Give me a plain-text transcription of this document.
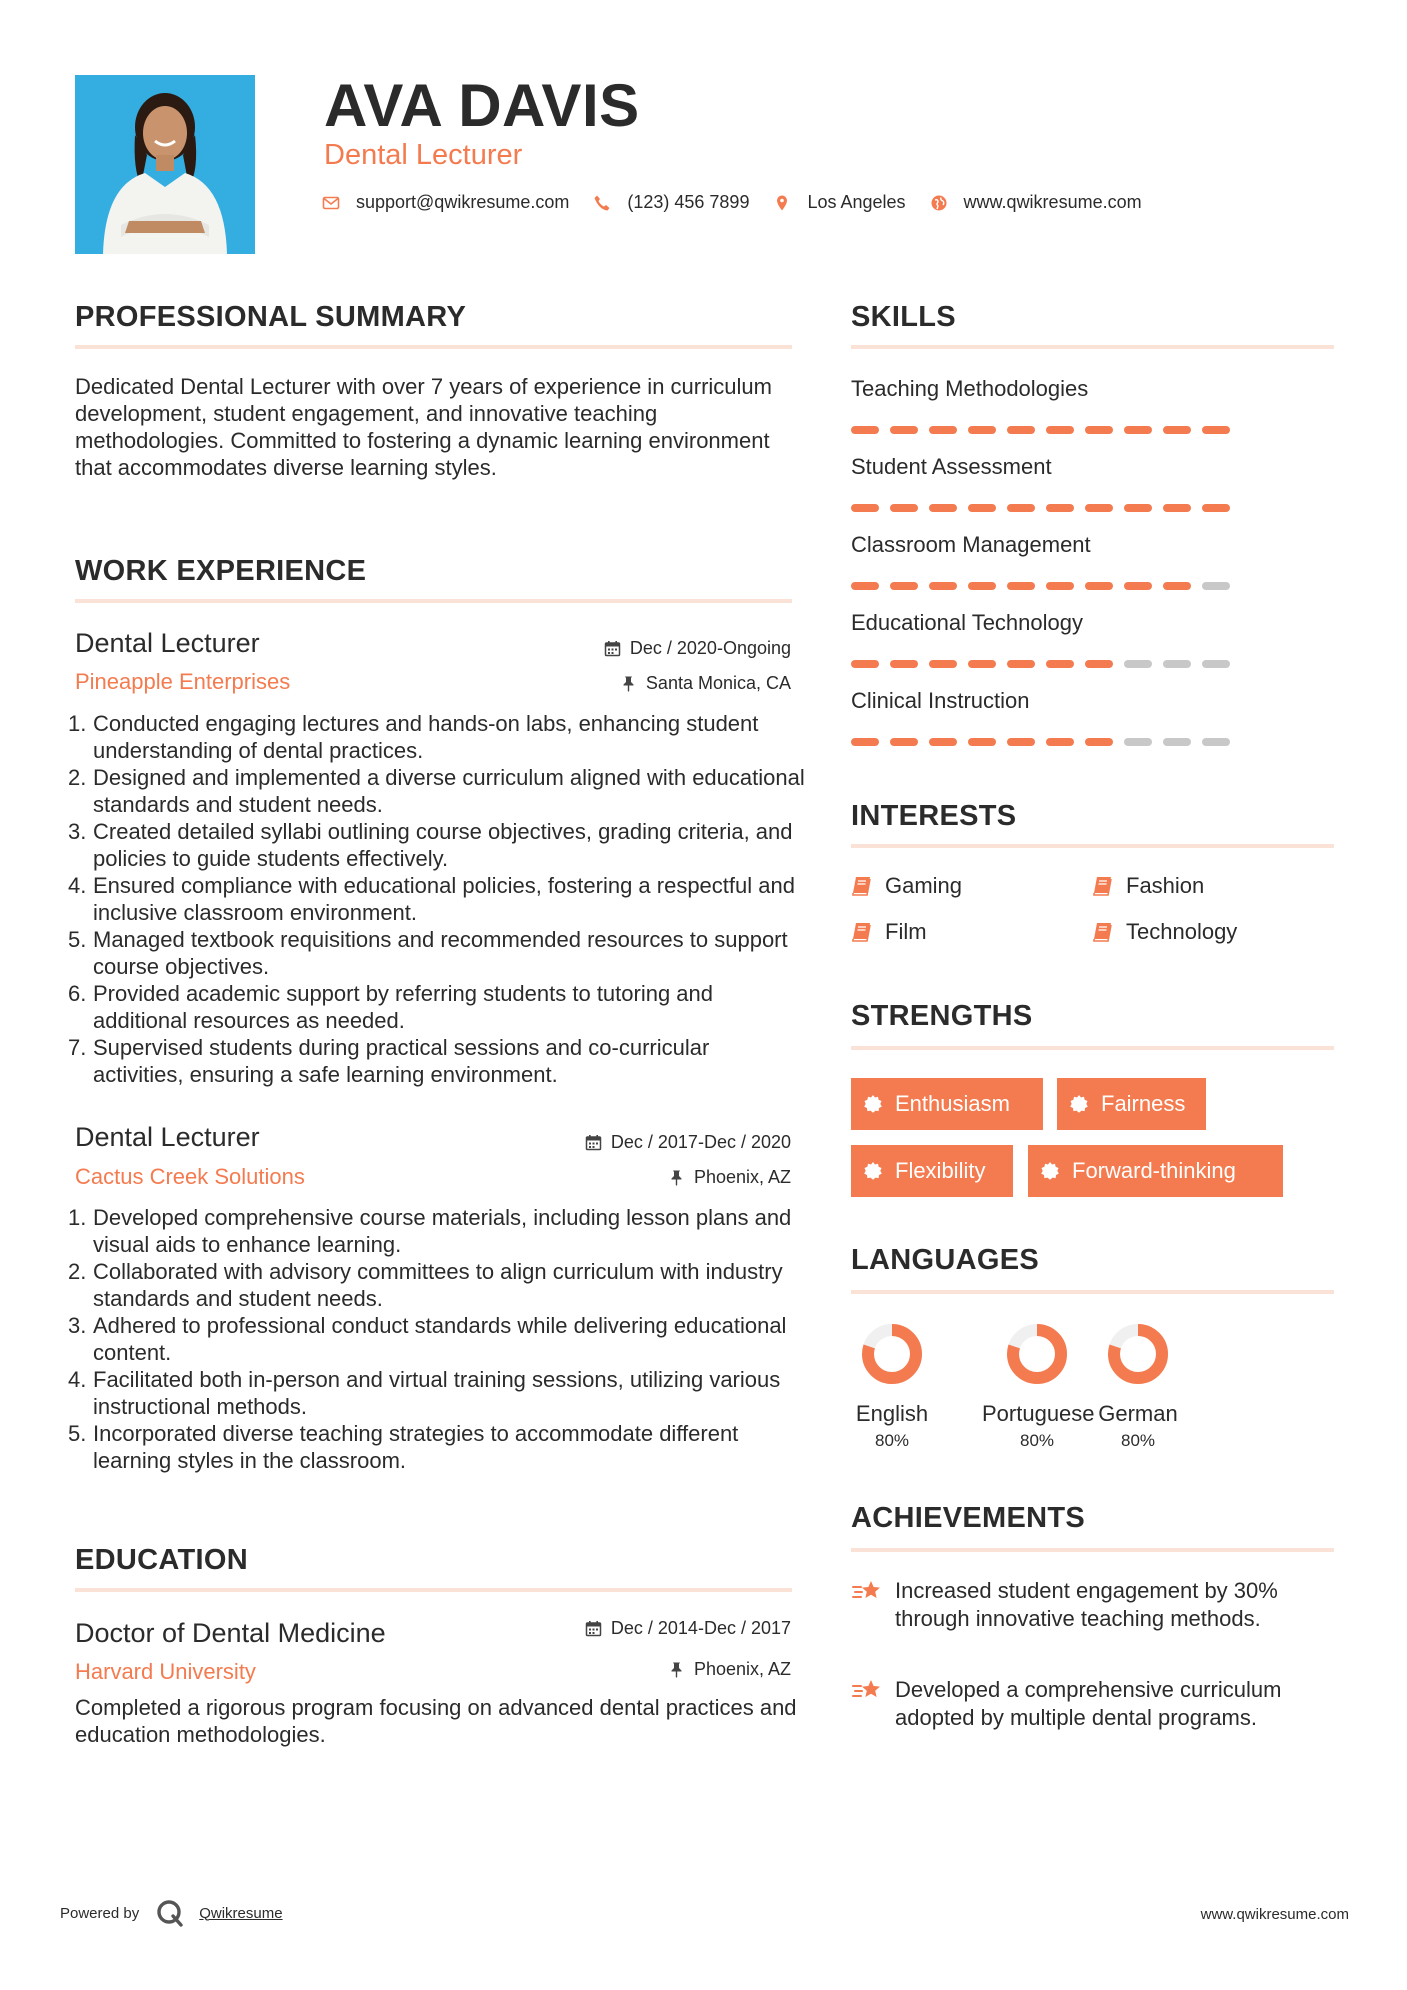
AVA DAVIS
Dental Lecturer
support@qwikresume.com	(123) 456 7899	Los Angeles	www.qwikresume.com
PROFESSIONAL SUMMARY
Dedicated Dental Lecturer with over 7 years of experience in curriculum development, student engagement, and innovative teaching methodologies. Committed to fostering a dynamic learning environment that accommodates diverse learning styles.
WORK EXPERIENCE
Dental Lecturer	Dec / 2020-Ongoing
Pineapple Enterprises	Santa Monica, CA
1. Conducted engaging lectures and hands-on labs, enhancing student understanding of dental practices.
2. Designed and implemented a diverse curriculum aligned with educational standards and student needs.
3. Created detailed syllabi outlining course objectives, grading criteria, and policies to guide students effectively.
4. Ensured compliance with educational policies, fostering a respectful and inclusive classroom environment.
5. Managed textbook requisitions and recommended resources to support course objectives.
6. Provided academic support by referring students to tutoring and additional resources as needed.
7. Supervised students during practical sessions and co-curricular activities, ensuring a safe learning environment.
Dental Lecturer	Dec / 2017-Dec / 2020
Cactus Creek Solutions	Phoenix, AZ
1. Developed comprehensive course materials, including lesson plans and visual aids to enhance learning.
2. Collaborated with advisory committees to align curriculum with industry standards and student needs.
3. Adhered to professional conduct standards while delivering educational content.
4. Facilitated both in-person and virtual training sessions, utilizing various instructional methods.
5. Incorporated diverse teaching strategies to accommodate different learning styles in the classroom.
EDUCATION
Doctor of Dental Medicine	Dec / 2014-Dec / 2017
Harvard University	Phoenix, AZ
Completed a rigorous program focusing on advanced dental practices and education methodologies.
SKILLS
Teaching Methodologies
Student Assessment
Classroom Management
Educational Technology
Clinical Instruction
INTERESTS
Gaming	Fashion
Film	Technology
STRENGTHS
Enthusiasm	Fairness
Flexibility	Forward-thinking
LANGUAGES
English
80%
Portuguese
80%
German
80%
ACHIEVEMENTS
Increased student engagement by 30% through innovative teaching methods.
Developed a comprehensive curriculum adopted by multiple dental programs.
Powered by	Qwikresume	www.qwikresume.com
